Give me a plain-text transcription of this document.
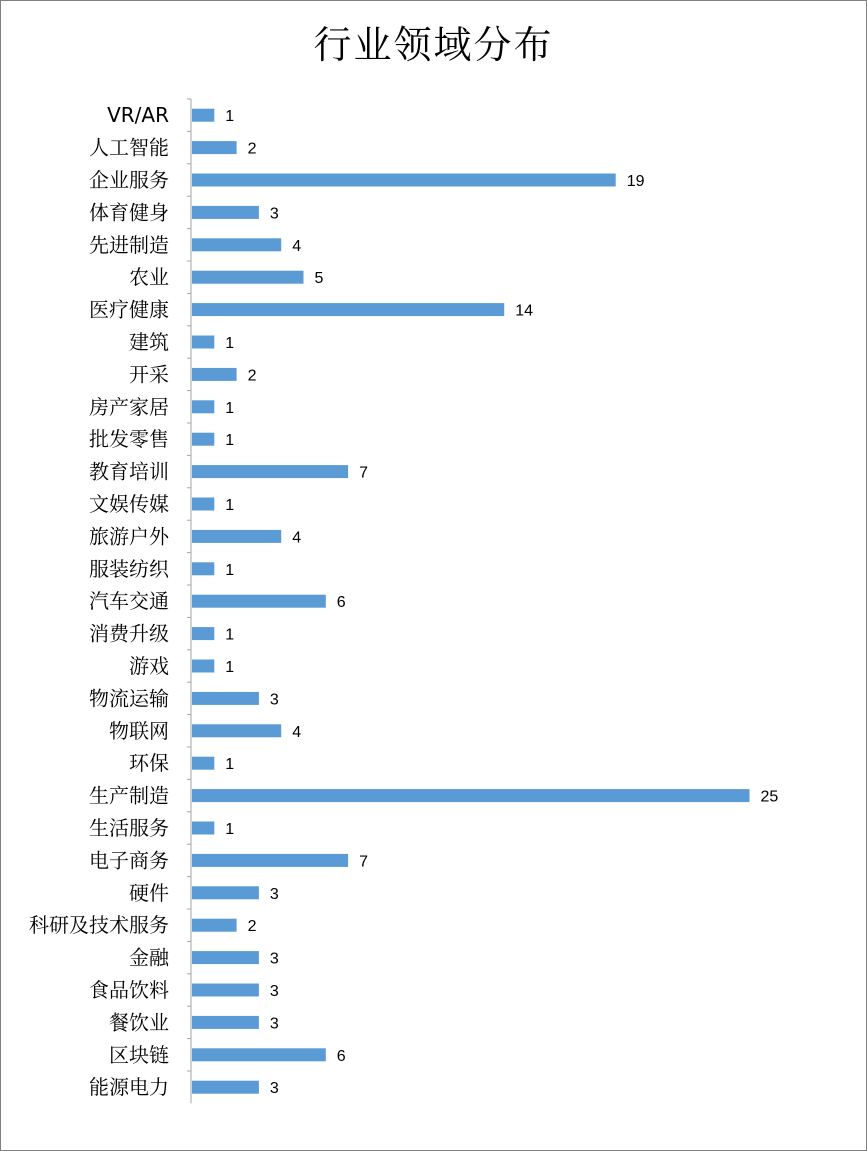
行业领域分布
VR/AR	1
人工智能	2
企业服务	19
体育健身	3
先进制造	4
农业	5
医疗健康	14
建筑	1
开采	2
房产家居	1
批发零售	1
教育培训	7
文娱传媒	1
旅游户外	4
服装纺织	1
汽车交通	6
消费升级	1
游戏	1
物流运输	3
物联网	4
环保	1
生产制造	25
生活服务	1
电子商务	7
硬件	3
科研及技术服务	2
金融	3
食品饮料	3
餐饮业	3
区块链	6
能源电力	3
